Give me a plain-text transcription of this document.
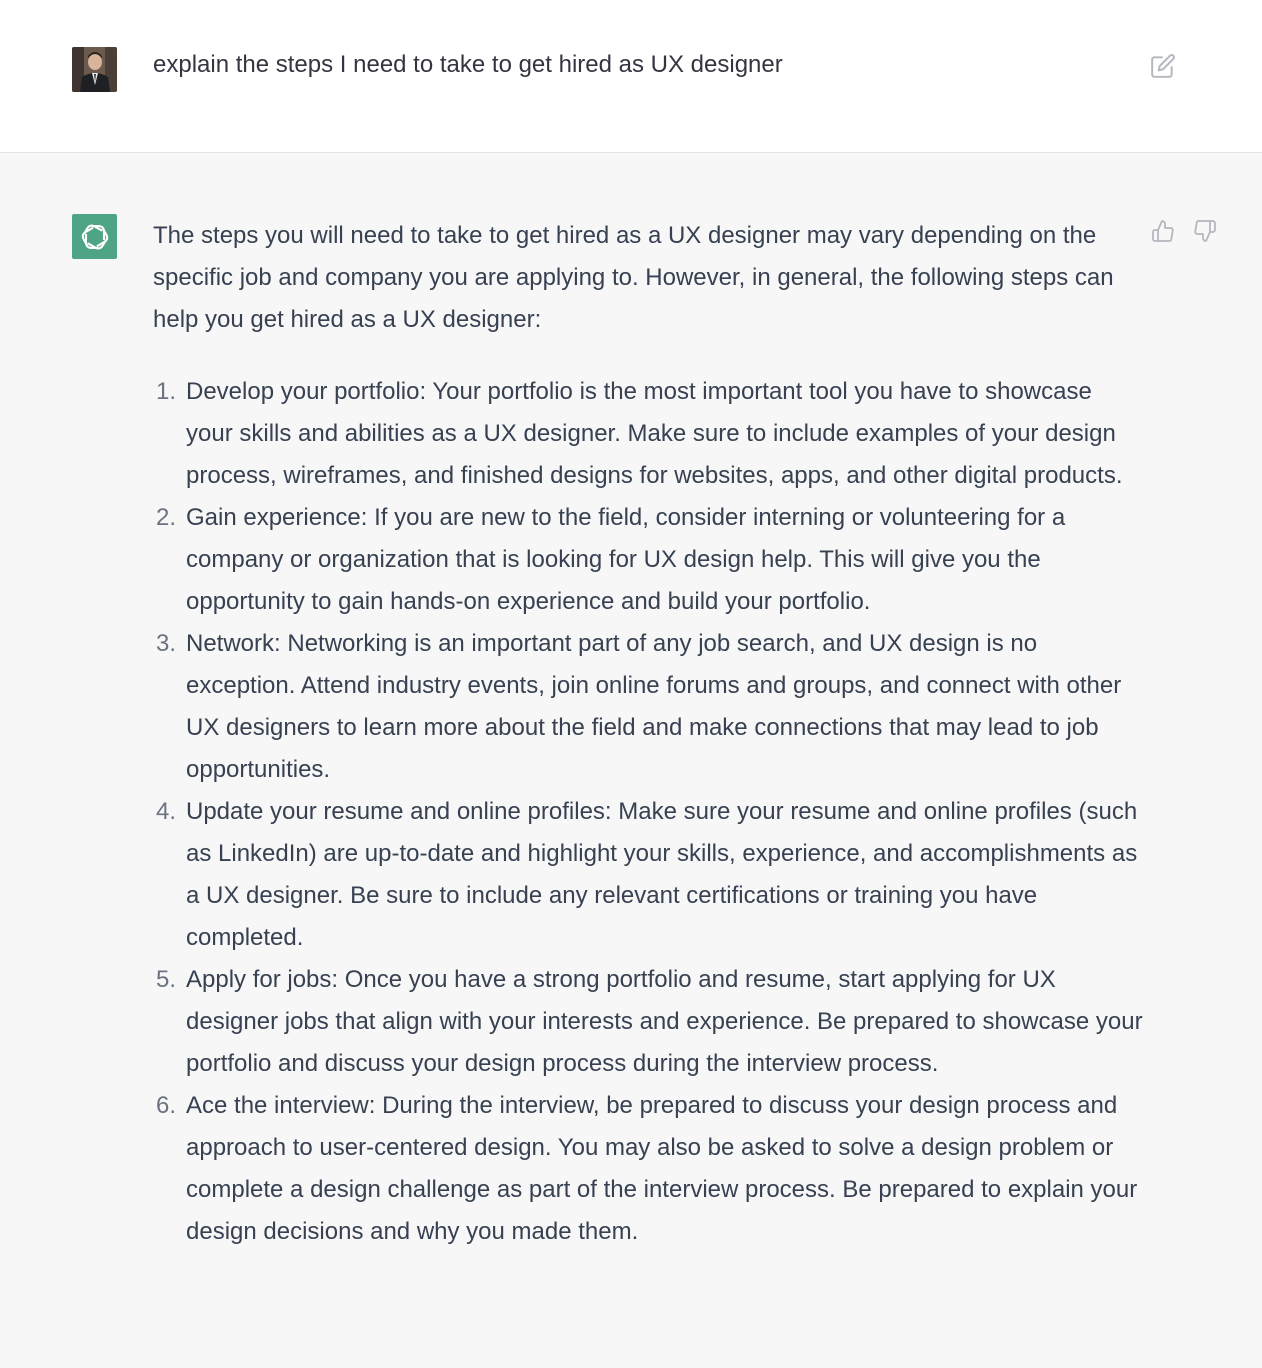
explain the steps I need to take to get hired as UX designer

The steps you will need to take to get hired as a UX designer may vary depending on the specific job and company you are applying to. However, in general, the following steps can help you get hired as a UX designer:

1. Develop your portfolio: Your portfolio is the most important tool you have to showcase your skills and abilities as a UX designer. Make sure to include examples of your design process, wireframes, and finished designs for websites, apps, and other digital products.
2. Gain experience: If you are new to the field, consider interning or volunteering for a company or organization that is looking for UX design help. This will give you the opportunity to gain hands-on experience and build your portfolio.
3. Network: Networking is an important part of any job search, and UX design is no exception. Attend industry events, join online forums and groups, and connect with other UX designers to learn more about the field and make connections that may lead to job opportunities.
4. Update your resume and online profiles: Make sure your resume and online profiles (such as LinkedIn) are up-to-date and highlight your skills, experience, and accomplishments as a UX designer. Be sure to include any relevant certifications or training you have completed.
5. Apply for jobs: Once you have a strong portfolio and resume, start applying for UX designer jobs that align with your interests and experience. Be prepared to showcase your portfolio and discuss your design process during the interview process.
6. Ace the interview: During the interview, be prepared to discuss your design process and approach to user-centered design. You may also be asked to solve a design problem or complete a design challenge as part of the interview process. Be prepared to explain your design decisions and why you made them.
